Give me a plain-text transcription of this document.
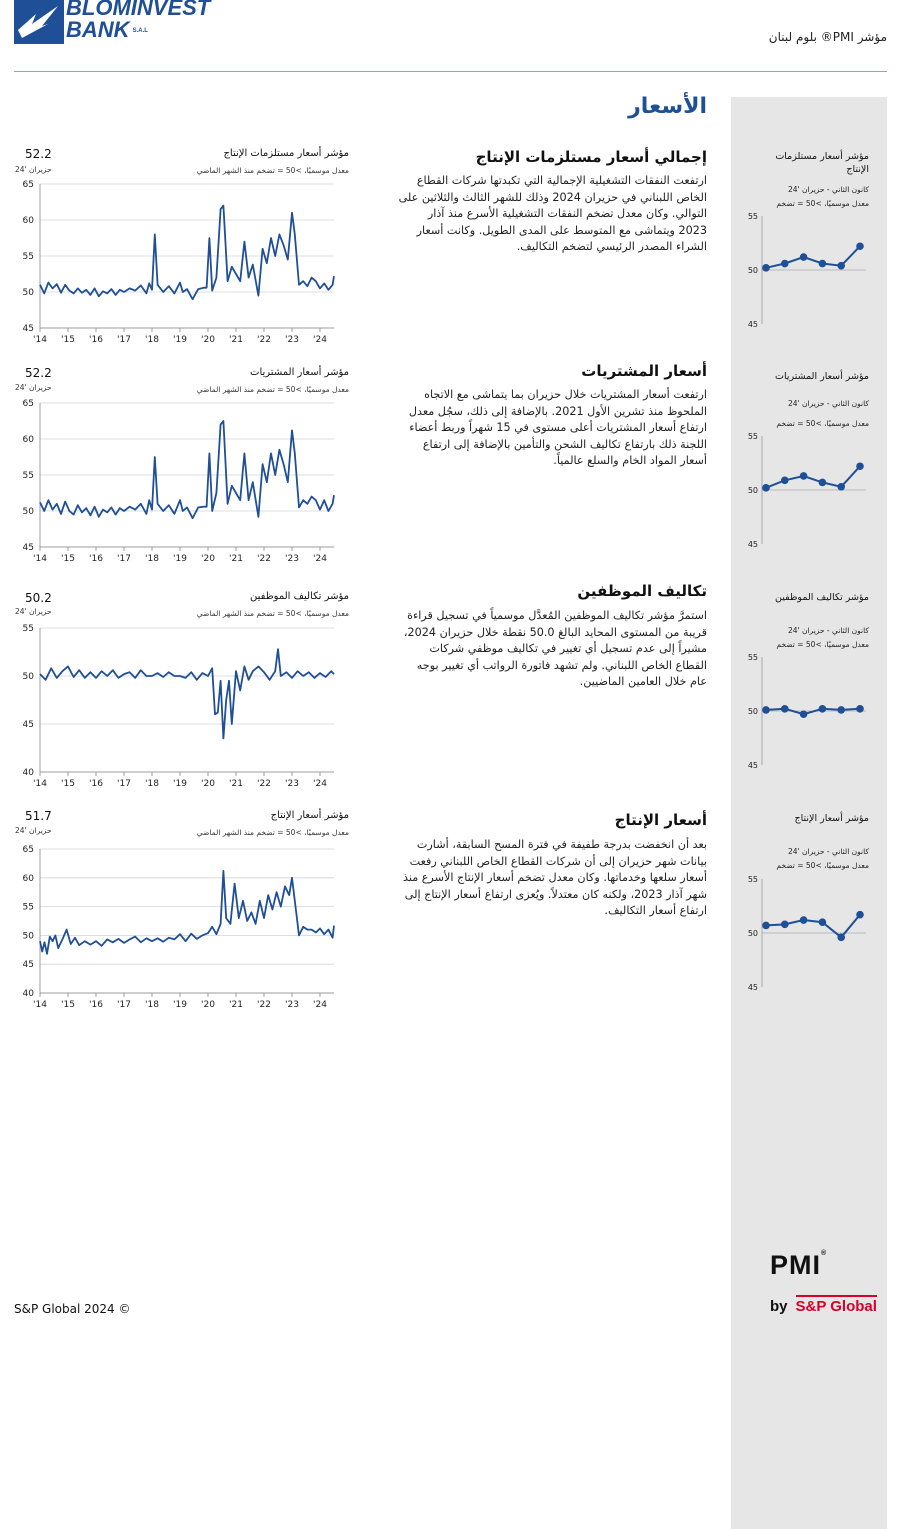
BLOMINVEST
BANK S.A.L	مؤشر PMI® بلوم لبنان
الأسعار
إجمالي أسعار مستلزمات الإنتاج
ارتفعت النفقات التشغيلية الإجمالية التي تكبدتها شركات القطاع الخاص اللبناني في حزيران 2024 وذلك للشهر الثالث والثلاثين على التوالي. وكان معدل تضخم النفقات التشغيلية الأسرع منذ آذار 2023 ويتماشى مع المتوسط على المدى الطويل. وكانت أسعار الشراء المصدر الرئيسي لتضخم التكاليف.
مؤشر أسعار مستلزمات الإنتاج
معدل موسميًا، >50 = تضخم منذ الشهر الماضي
52.2
حزيران '24
45
50
55
60
65
'14 '15 '16 '17 '18 '19 '20 '21 '22 '23 '24
مؤشر أسعار مستلزمات الإنتاج
كانون الثاني - حزيران '24
معدل موسميًا، >50 = تضخم
45
50
55
أسعار المشتريات
ارتفعت أسعار المشتريات خلال حزيران بما يتماشى مع الاتجاه الملحوظ منذ تشرين الأول 2021. بالإضافة إلى ذلك، سجُل معدل ارتفاع أسعار المشتريات أعلى مستوى في 15 شهراً وربط أعضاء اللجنة ذلك بارتفاع تكاليف الشحن والتأمين بالإضافة إلى ارتفاع أسعار المواد الخام والسلع عالمياً.
مؤشر أسعار المشتريات
معدل موسميًا، >50 = تضخم منذ الشهر الماضي
52.2
حزيران '24
45
50
55
60
65
'14 '15 '16 '17 '18 '19 '20 '21 '22 '23 '24
مؤشر أسعار المشتريات
كانون الثاني - حزيران '24
معدل موسميًا، >50 = تضخم
45
50
55
تكاليف الموظفين
استمرَّ مؤشر تكاليف الموظفين المُعدَّل موسمياً في تسجيل قراءة قريبة من المستوى المحايد البالغ 50.0 نقطة خلال حزيران 2024، مشيراً إلى عدم تسجيل أي تغيير في تكاليف موظفي شركات القطاع الخاص اللبناني. ولم تشهد فاتورة الرواتب أي تغيير بوجه عام خلال العامين الماضيين.
مؤشر تكاليف الموظفين
معدل موسميًا، >50 = تضخم منذ الشهر الماضي
50.2
حزيران '24
40
45
50
55
'14 '15 '16 '17 '18 '19 '20 '21 '22 '23 '24
مؤشر تكاليف الموظفين
كانون الثاني - حزيران '24
معدل موسميًا، >50 = تضخم
45
50
55
أسعار الإنتاج
بعد أن انخفضت بدرجة طفيفة في فترة المسح السابقة، أشارت بيانات شهر حزيران إلى أن شركات القطاع الخاص اللبناني رفعت أسعار سلعها وخدماتها. وكان معدل تضخم أسعار الإنتاج الأسرع منذ شهر آذار 2023، ولكنه كان معتدلاً. ويُعزى ارتفاع أسعار الإنتاج إلى ارتفاع أسعار التكاليف.
مؤشر أسعار الإنتاج
معدل موسميًا، >50 = تضخم منذ الشهر الماضي
51.7
حزيران '24
40
45
50
55
60
65
'14 '15 '16 '17 '18 '19 '20 '21 '22 '23 '24
مؤشر أسعار الإنتاج
كانون الثاني - حزيران '24
معدل موسميًا، >50 = تضخم
45
50
55
S&P Global 2024 ©
PMI®
by S&P Global
